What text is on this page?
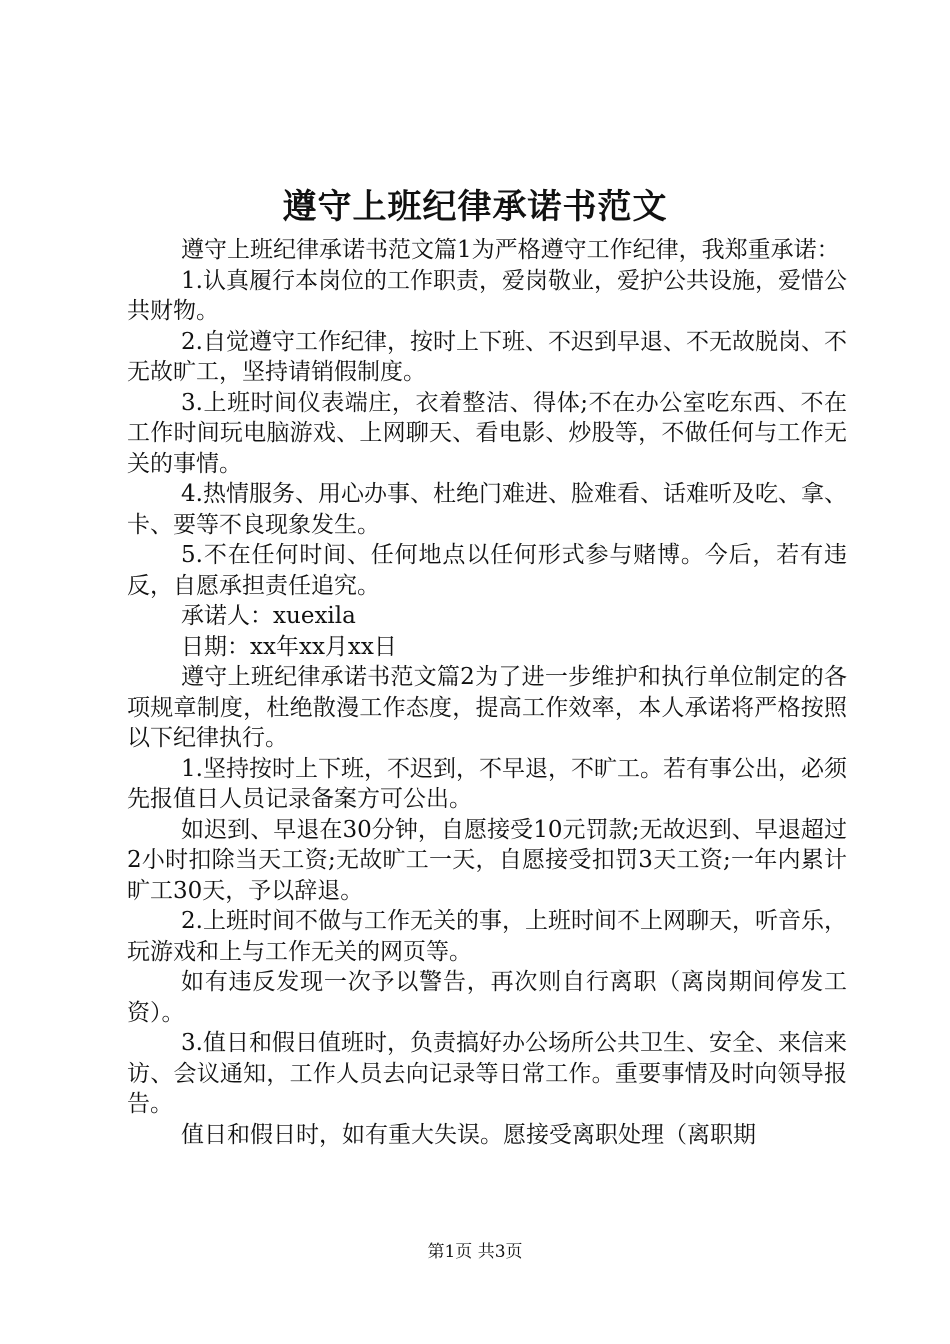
遵守上班纪律承诺书范文

遵守上班纪律承诺书范文篇1为严格遵守工作纪律，我郑重承诺：

1.认真履行本岗位的工作职责，爱岗敬业，爱护公共设施，爱惜公共财物。

2.自觉遵守工作纪律，按时上下班、不迟到早退、不无故脱岗、不无故旷工，坚持请销假制度。

3.上班时间仪表端庄，衣着整洁、得体;不在办公室吃东西、不在工作时间玩电脑游戏、上网聊天、看电影、炒股等，不做任何与工作无关的事情。

4.热情服务、用心办事、杜绝门难进、脸难看、话难听及吃、拿、卡、要等不良现象发生。

5.不在任何时间、任何地点以任何形式参与赌博。今后，若有违反，自愿承担责任追究。

承诺人：xuexila

日期：xx年xx月xx日

遵守上班纪律承诺书范文篇2为了进一步维护和执行单位制定的各项规章制度，杜绝散漫工作态度，提高工作效率，本人承诺将严格按照以下纪律执行。

1.坚持按时上下班，不迟到，不早退，不旷工。若有事公出，必须先报值日人员记录备案方可公出。

如迟到、早退在30分钟，自愿接受10元罚款;无故迟到、早退超过2小时扣除当天工资;无故旷工一天，自愿接受扣罚3天工资;一年内累计旷工30天，予以辞退。

2.上班时间不做与工作无关的事，上班时间不上网聊天，听音乐，玩游戏和上与工作无关的网页等。

如有违反发现一次予以警告，再次则自行离职（离岗期间停发工资）。

3.值日和假日值班时，负责搞好办公场所公共卫生、安全、来信来访、会议通知，工作人员去向记录等日常工作。重要事情及时向领导报告。

值日和假日时，如有重大失误。愿接受离职处理（离职期

第1页 共3页
